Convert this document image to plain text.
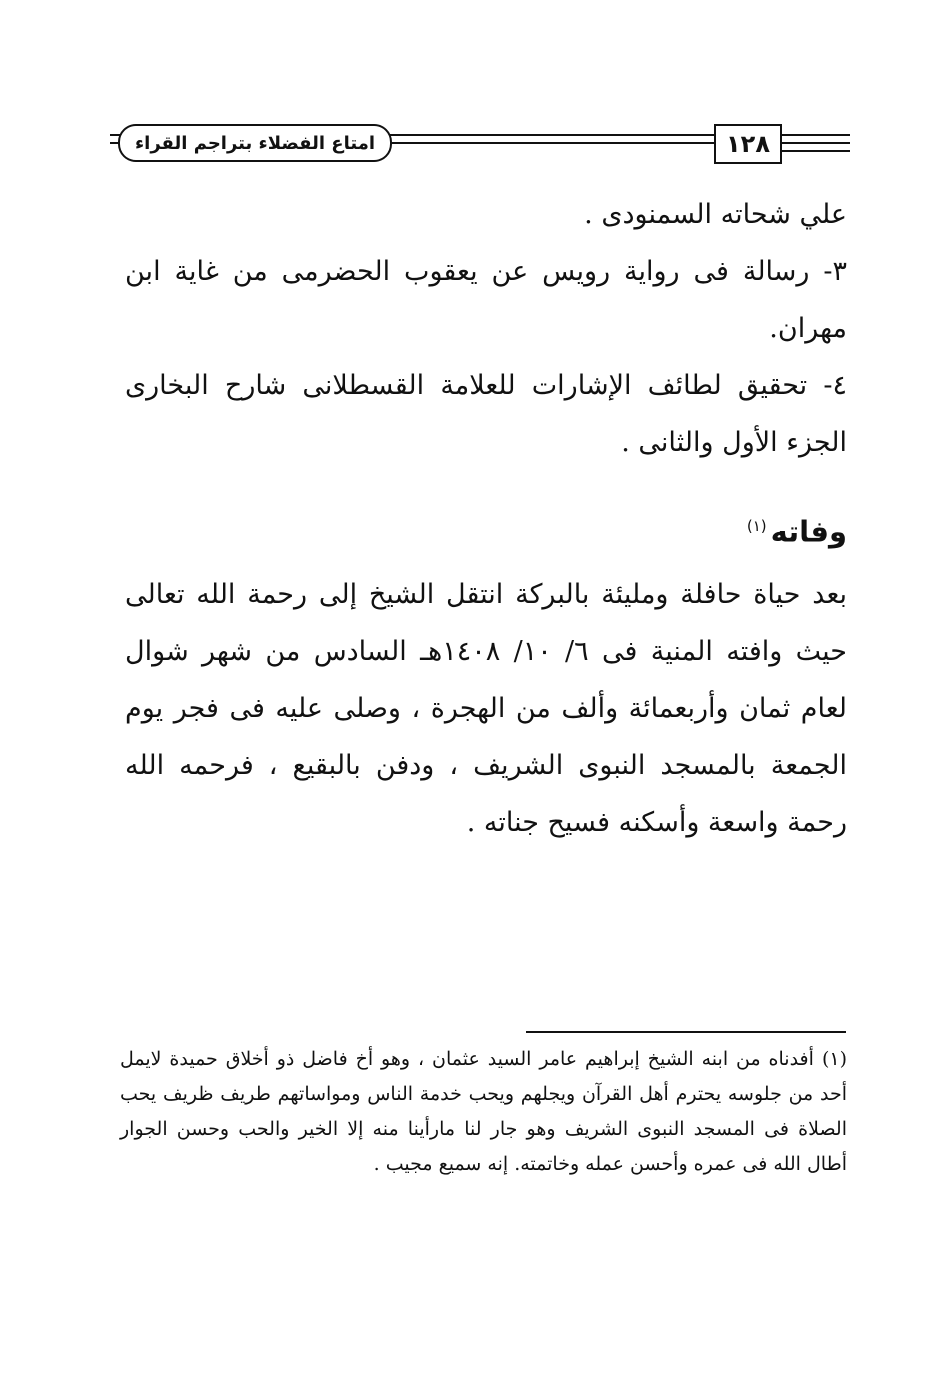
امتاع الفضلاء بتراجم القراء	١٢٨

علي شحاته السمنودى .

٣- رسالة فى رواية رويس عن يعقوب الحضرمى من غاية ابن مهران.

٤- تحقيق لطائف الإشارات للعلامة القسطلانى شارح البخارى الجزء الأول والثانى .

وفاته$^{(١)}$

بعد حياة حافلة ومليئة بالبركة انتقل الشيخ إلى رحمة الله تعالى حيث وافته المنية فى ٦/ ١٠/ ١٤٠٨هـ السادس من شهر شوال لعام ثمان وأربعمائة وألف من الهجرة ، وصلى عليه فى فجر يوم الجمعة بالمسجد النبوى الشريف ، ودفن بالبقيع ، فرحمه الله رحمة واسعة وأسكنه فسيح جناته .

(١)أفدناه من ابنه الشيخ إبراهيم عامر السيد عثمان ، وهو أخ فاضل ذو أخلاق حميدة لايمل أحد من جلوسه يحترم أهل القرآن ويجلهم ويحب خدمة الناس ومواساتهم طريف ظريف يحب الصلاة فى المسجد النبوى الشريف وهو جار لنا مارأينا منه إلا الخير والحب وحسن الجوار أطال الله فى عمره وأحسن عمله وخاتمته. إنه سميع مجيب .
